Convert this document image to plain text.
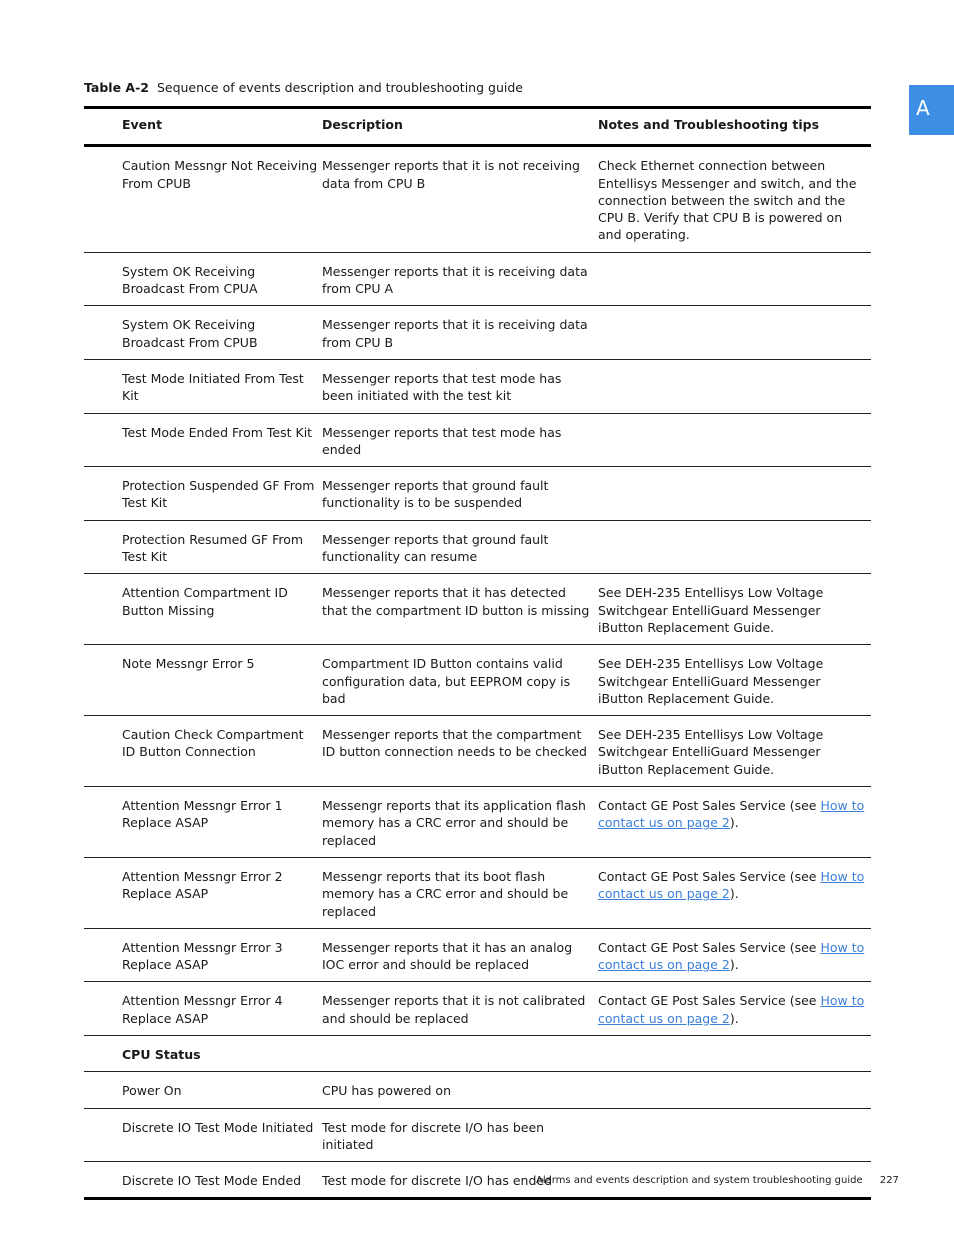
Table A-2 Sequence of events description and troubleshooting guide
A
	Event	Description	Notes and Troubleshooting tips
	Caution Messngr Not Receiving From CPUB	Messenger reports that it is not receiving data from CPU B	Check Ethernet connection between Entellisys Messenger and switch, and the connection between the switch and the CPU B. Verify that CPU B is powered on and operating.
	System OK Receiving Broadcast From CPUA	Messenger reports that it is receiving data from CPU A	
	System OK Receiving Broadcast From CPUB	Messenger reports that it is receiving data from CPU B	
	Test Mode Initiated From Test Kit	Messenger reports that test mode has been initiated with the test kit	
	Test Mode Ended From Test Kit	Messenger reports that test mode has ended	
	Protection Suspended GF From Test Kit	Messenger reports that ground fault functionality is to be suspended	
	Protection Resumed GF From Test Kit	Messenger reports that ground fault functionality can resume	
	Attention Compartment ID Button Missing	Messenger reports that it has detected that the compartment ID button is missing	See DEH-235 Entellisys Low Voltage Switchgear EntelliGuard Messenger iButton Replacement Guide.
	Note Messngr Error 5	Compartment ID Button contains valid configuration data, but EEPROM copy is bad	See DEH-235 Entellisys Low Voltage Switchgear EntelliGuard Messenger iButton Replacement Guide.
	Caution Check Compartment ID Button Connection	Messenger reports that the compartment ID button connection needs to be checked	See DEH-235 Entellisys Low Voltage Switchgear EntelliGuard Messenger iButton Replacement Guide.
	Attention Messngr Error 1 Replace ASAP	Messengr reports that its application flash memory has a CRC error and should be replaced	Contact GE Post Sales Service (see How to contact us on page 2).
	Attention Messngr Error 2 Replace ASAP	Messengr reports that its boot flash memory has a CRC error and should be replaced	Contact GE Post Sales Service (see How to contact us on page 2).
	Attention Messngr Error 3 Replace ASAP	Messenger reports that it has an analog IOC error and should be replaced	Contact GE Post Sales Service (see How to contact us on page 2).
	Attention Messngr Error 4 Replace ASAP	Messenger reports that it is not calibrated and should be replaced	Contact GE Post Sales Service (see How to contact us on page 2).
	CPU Status		
	Power On	CPU has powered on	
	Discrete IO Test Mode Initiated	Test mode for discrete I/O has been initiated	
	Discrete IO Test Mode Ended	Test mode for discrete I/O has ended	
Alarms and events description and system troubleshooting guide 227
